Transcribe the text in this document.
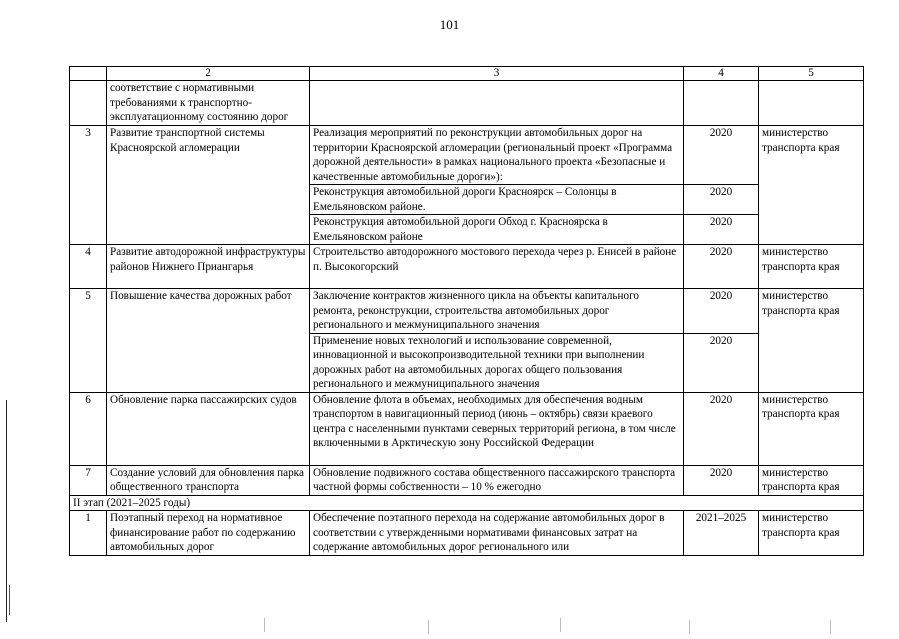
101
	2	3	4	5
	соответствие с нормативными требованиями к транспортно-эксплуатационному состоянию дорог			
3	Развитие транспортной системы Красноярской агломерации	Реализация мероприятий по реконструкции автомобильных дорог на территории Красноярской агломерации (региональный проект «Программа дорожной деятельности» в рамках национального проекта «Безопасные и качественные автомобильные дороги»):	2020	министерство транспорта края
		Реконструкция автомобильной дороги Красноярск – Солонцы в Емельяновском районе.	2020	
		Реконструкция автомобильной дороги Обход г. Красноярска в Емельяновском районе	2020	
4	Развитие автодорожной инфраструктуры районов Нижнего Приангарья	Строительство автодорожного мостового перехода через р. Енисей в районе п. Высокогорский	2020	министерство транспорта края
5	Повышение качества дорожных работ	Заключение контрактов жизненного цикла на объекты капитального ремонта, реконструкции, строительства автомобильных дорог регионального и межмуниципального значения	2020	министерство транспорта края
		Применение новых технологий и использование современной, инновационной и высокопроизводительной техники при выполнении дорожных работ на автомобильных дорогах общего пользования регионального и межмуниципального значения	2020	
6	Обновление парка пассажирских судов	Обновление флота в объемах, необходимых для обеспечения водным транспортом в навигационный период (июнь – октябрь) связи краевого центра с населенными пунктами северных территорий региона, в том числе включенными в Арктическую зону Российской Федерации	2020	министерство транспорта края
7	Создание условий для обновления парка общественного транспорта	Обновление подвижного состава общественного пассажирского транспорта частной формы собственности – 10 % ежегодно	2020	министерство транспорта края
II этап (2021–2025 годы)				
1	Поэтапный переход на нормативное финансирование работ по содержанию автомобильных дорог	Обеспечение поэтапного перехода на содержание автомобильных дорог в соответствии с утвержденными нормативами финансовых затрат на содержание автомобильных дорог регионального или	2021–2025	министерство транспорта края
